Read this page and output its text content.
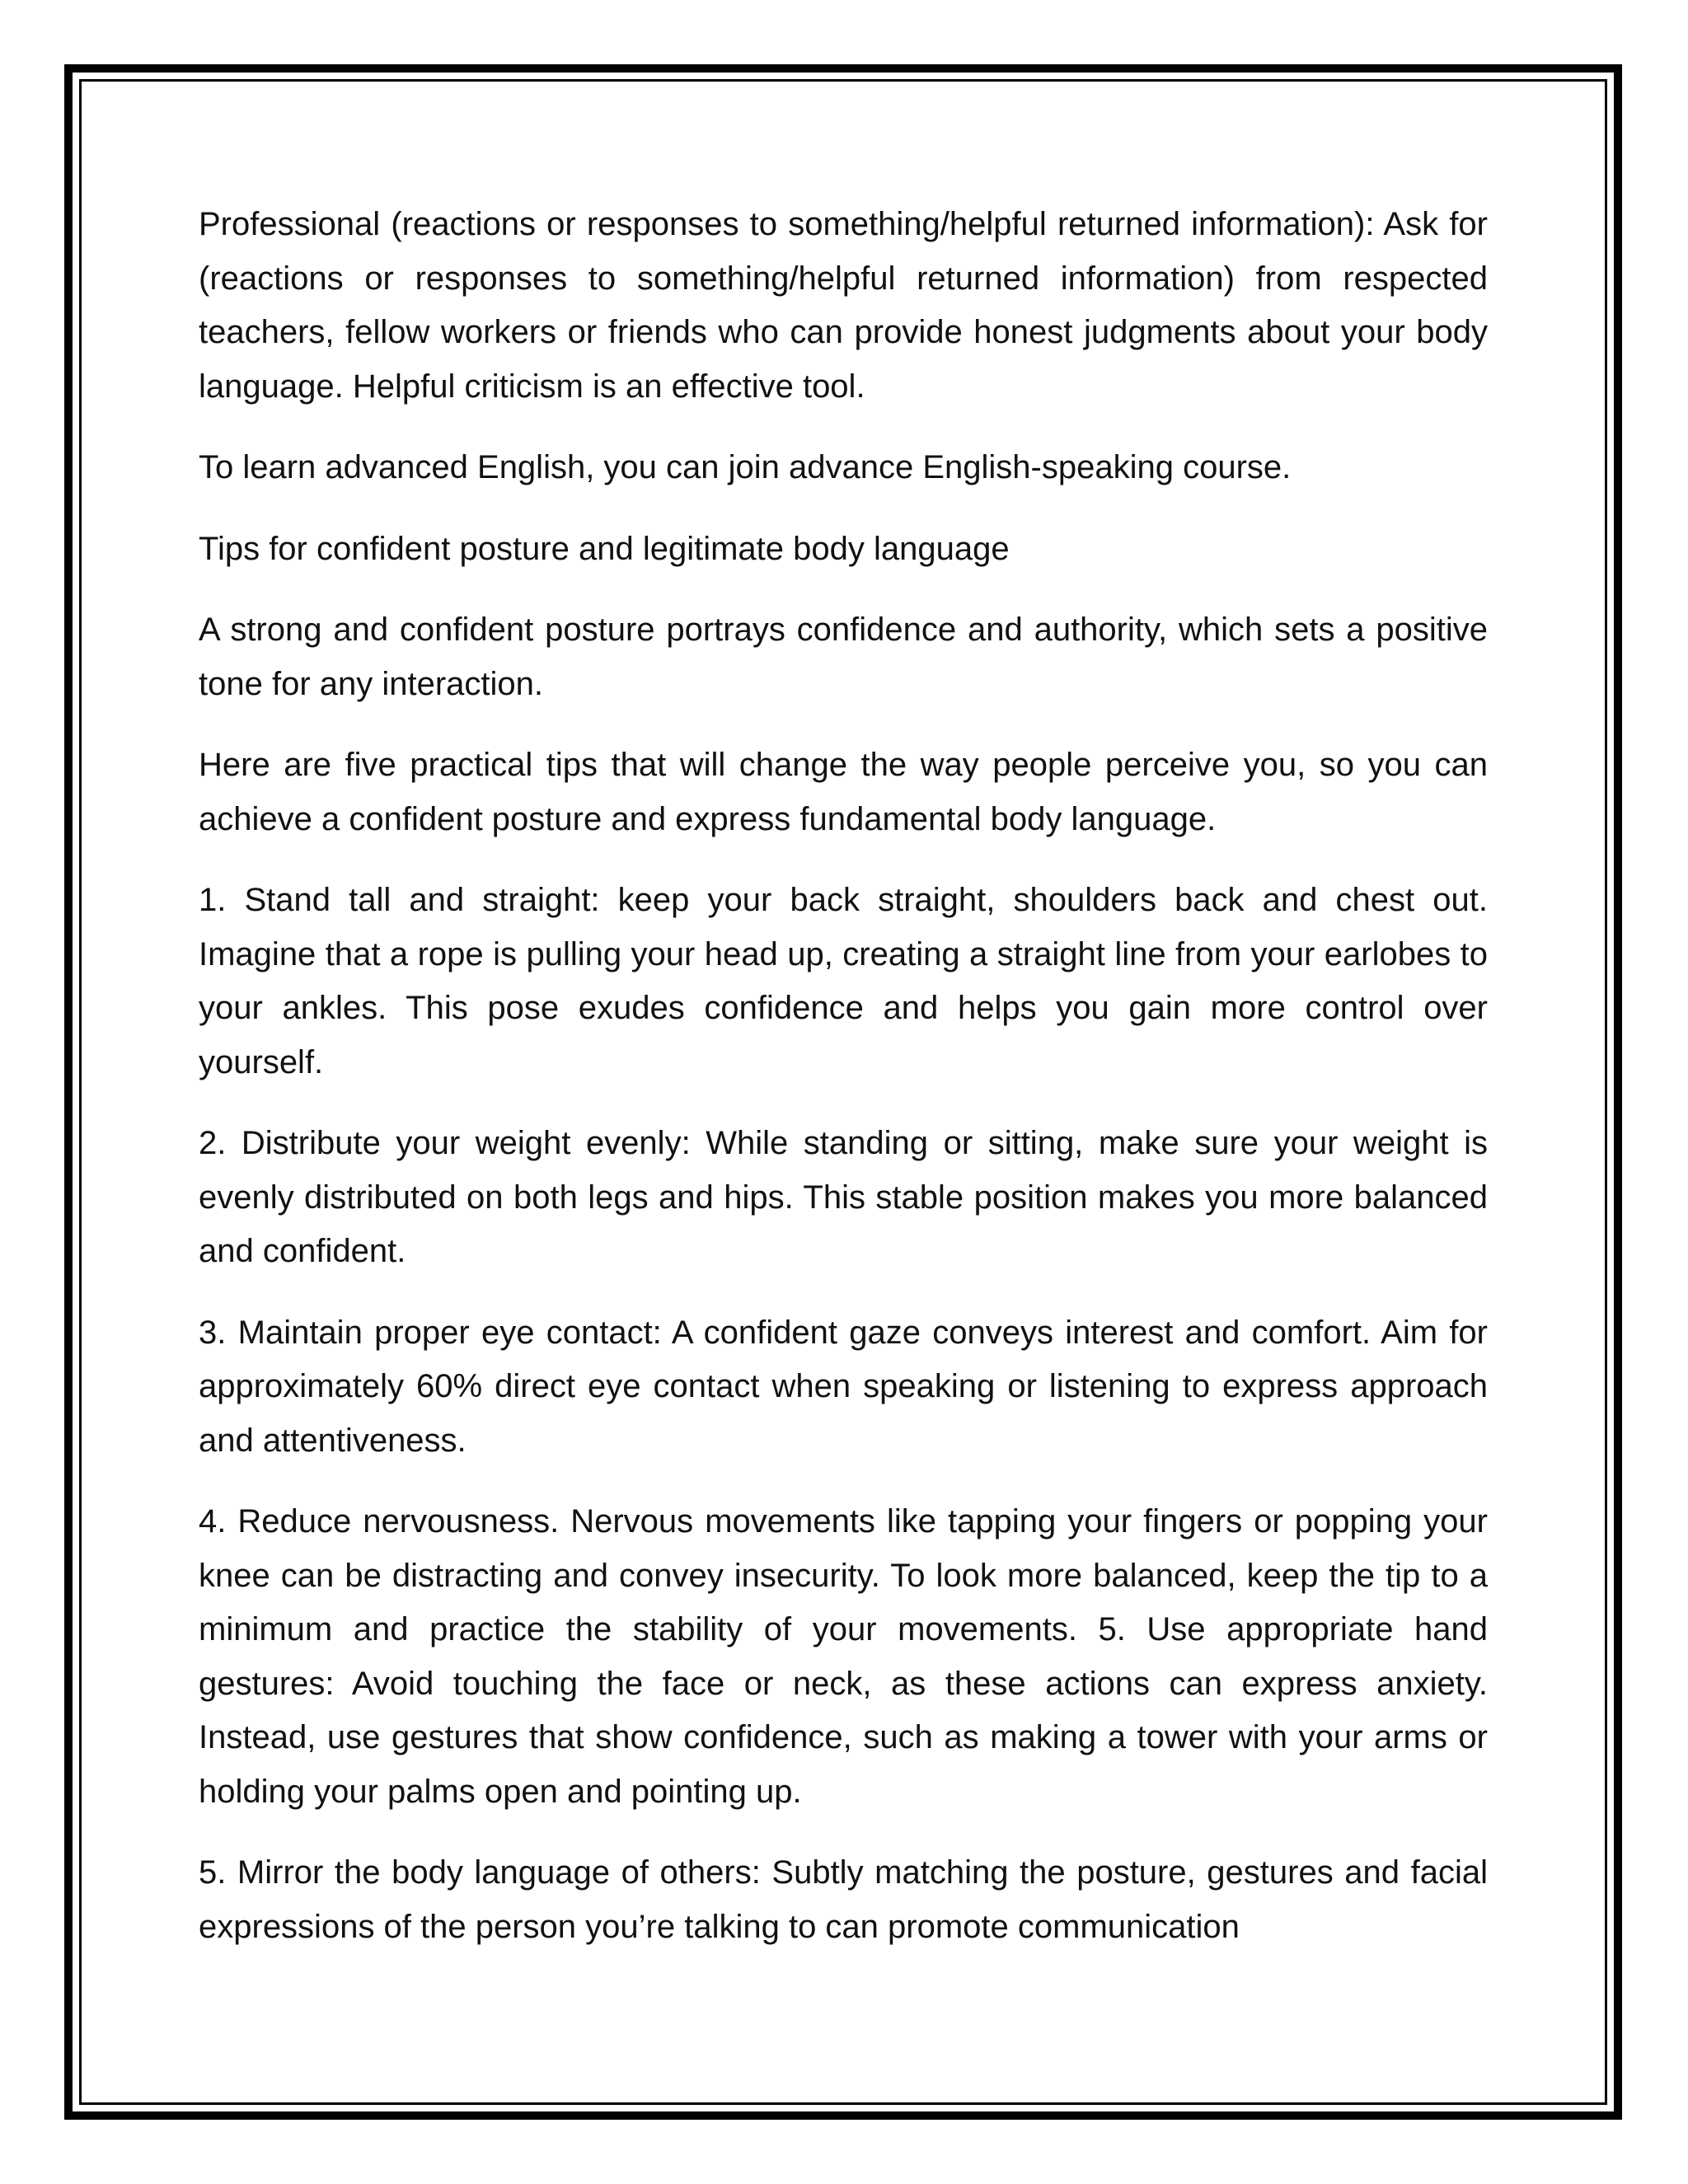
Professional (reactions or responses to something/helpful returned information): Ask for (reactions or responses to something/helpful returned information) from respected teachers, fellow workers or friends who can provide honest judgments about your body language. Helpful criticism is an effective tool.

To learn advanced English, you can join advance English-speaking course.

Tips for confident posture and legitimate body language

A strong and confident posture portrays confidence and authority, which sets a positive tone for any interaction.

Here are five practical tips that will change the way people perceive you, so you can achieve a confident posture and express fundamental body language.

1. Stand tall and straight: keep your back straight, shoulders back and chest out. Imagine that a rope is pulling your head up, creating a straight line from your earlobes to your ankles. This pose exudes confidence and helps you gain more control over yourself.

2. Distribute your weight evenly: While standing or sitting, make sure your weight is evenly distributed on both legs and hips. This stable position makes you more balanced and confident.

3. Maintain proper eye contact: A confident gaze conveys interest and comfort. Aim for approximately 60% direct eye contact when speaking or listening to express approach and attentiveness.

4. Reduce nervousness. Nervous movements like tapping your fingers or popping your knee can be distracting and convey insecurity. To look more balanced, keep the tip to a minimum and practice the stability of your movements. 5. Use appropriate hand gestures: Avoid touching the face or neck, as these actions can express anxiety. Instead, use gestures that show confidence, such as making a tower with your arms or holding your palms open and pointing up.

5. Mirror the body language of others: Subtly matching the posture, gestures and facial expressions of the person you’re talking to can promote communication
